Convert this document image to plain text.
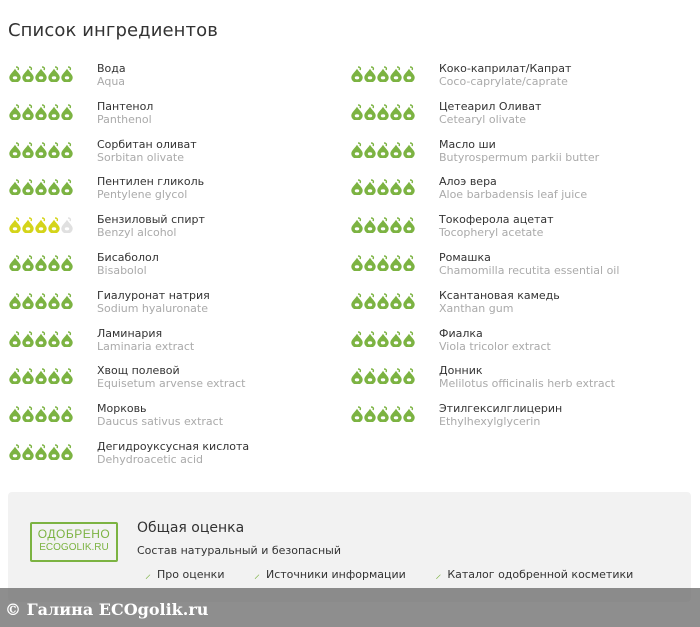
Список ингредиентов
Вода
Aqua
Пантенол
Panthenol
Сорбитан оливат
Sorbitan olivate
Пентилен гликоль
Pentylene glycol
Бензиловый спирт
Benzyl alcohol
Бисаболол
Bisabolol
Гиалуронат натрия
Sodium hyaluronate
Ламинария
Laminaria extract
Хвощ полевой
Equisetum arvense extract
Морковь
Daucus sativus extract
Дегидроуксусная кислота
Dehydroacetic acid
Коко-каприлат/Капрат
Coco-caprylate/caprate
Цетеарил Оливат
Cetearyl olivate
Масло ши
Butyrospermum parkii butter
Алоэ вера
Aloe barbadensis leaf juice
Токоферола ацетат
Tocopheryl acetate
Ромашка
Chamomilla recutita essential oil
Ксантановая камедь
Xanthan gum
Фиалка
Viola tricolor extract
Донник
Melilotus officinalis herb extract
Этилгексилглицерин
Ethylhexylglycerin
ОДОБРЕНО
ECOGOLIK.RU
Общая оценка
Состав натуральный и безопасный
⸝ Про оценки ⸝ Источники информации ⸝ Каталог одобренной косметики
© Галина ECOgolik.ru
